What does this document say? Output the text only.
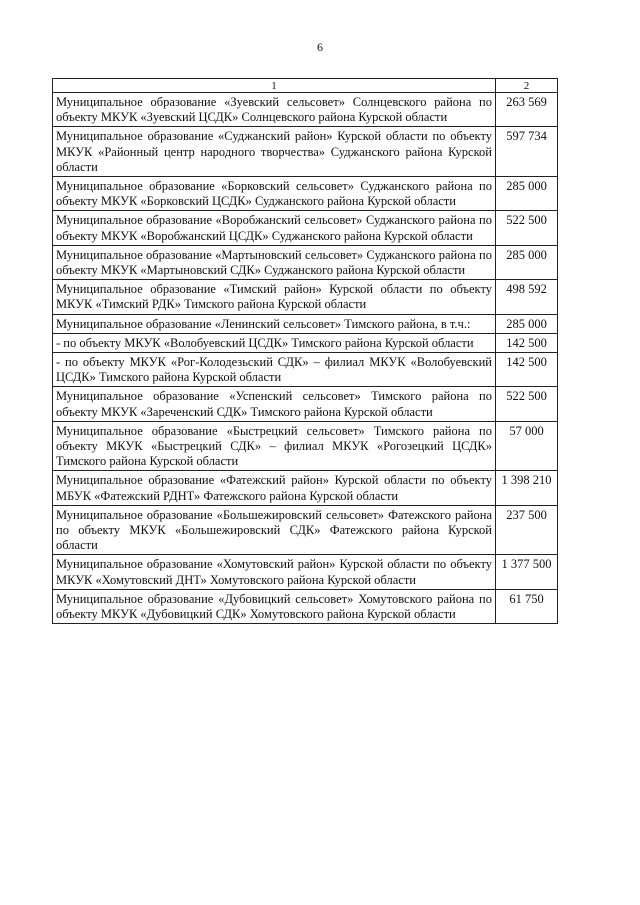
6
1	2
Муниципальное образование «Зуевский сельсовет» Солнцевского района по объекту МКУК «Зуевский ЦСДК» Солнцевского района Курской области	263 569
Муниципальное образование «Суджанский район» Курской области по объекту МКУК «Районный центр народного творчества» Суджанского района Курской области	597 734
Муниципальное образование «Борковский сельсовет» Суджанского района по объекту МКУК «Борковский ЦСДК» Суджанского района Курской области	285 000
Муниципальное образование «Воробжанский сельсовет» Суджанского района по объекту МКУК «Воробжанский ЦСДК» Суджанского района Курской области	522 500
Муниципальное образование «Мартыновский сельсовет» Суджанского района по объекту МКУК «Мартыновский СДК» Суджанского района Курской области	285 000
Муниципальное образование «Тимский район» Курской области по объекту МКУК «Тимский РДК» Тимского района Курской области	498 592
Муниципальное образование «Ленинский сельсовет» Тимского района, в т.ч.:	285 000
- по объекту МКУК «Волобуевский ЦСДК» Тимского района Курской области	142 500
- по объекту МКУК «Рог-Колодезьский СДК» – филиал МКУК «Волобуевский ЦСДК» Тимского района Курской области	142 500
Муниципальное образование «Успенский сельсовет» Тимского района по объекту МКУК «Зареченский СДК» Тимского района Курской области	522 500
Муниципальное образование «Быстрецкий сельсовет» Тимского района по объекту МКУК «Быстрецкий СДК» – филиал МКУК «Рогозецкий ЦСДК» Тимского района Курской области	57 000
Муниципальное образование «Фатежский район» Курской области по объекту МБУК «Фатежский РДНТ» Фатежского района Курской области	1 398 210
Муниципальное образование «Большежировский сельсовет» Фатежского района по объекту МКУК «Большежировский СДК» Фатежского района Курской области	237 500
Муниципальное образование «Хомутовский район» Курской области по объекту МКУК «Хомутовский ДНТ» Хомутовского района Курской области	1 377 500
Муниципальное образование «Дубовицкий сельсовет» Хомутовского района по объекту МКУК «Дубовицкий СДК» Хомутовского района Курской области	61 750
